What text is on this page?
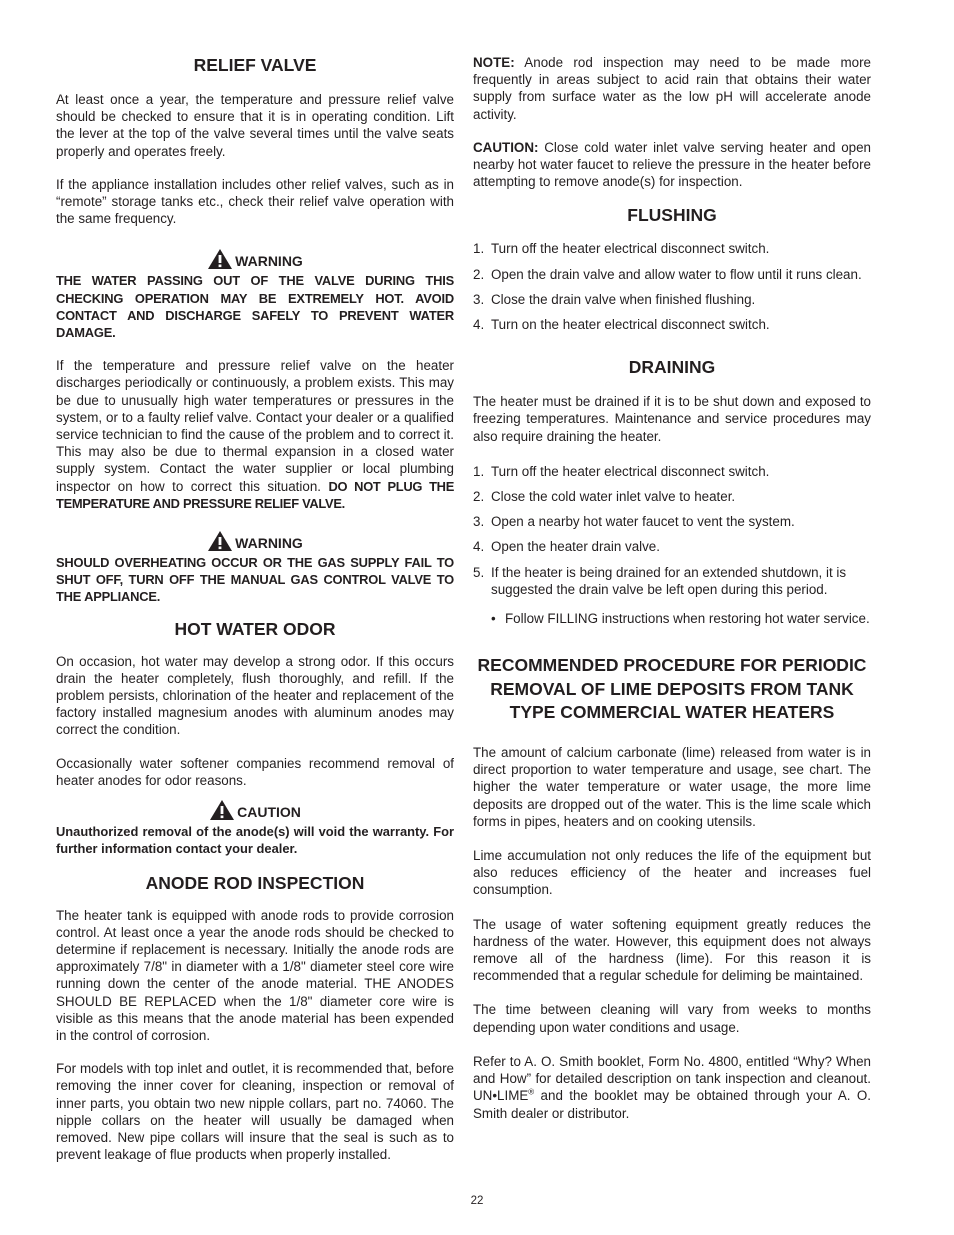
RELIEF VALVE

At least once a year, the temperature and pressure relief valve should be checked to ensure that it is in operating condition. Lift the lever at the top of the valve several times until the valve seats properly and operates freely.

If the appliance installation includes other relief valves, such as in “remote” storage tanks etc., check their relief valve operation with the same frequency.

WARNING

THE WATER PASSING OUT OF THE VALVE DURING THIS CHECKING OPERATION MAY BE EXTREMELY HOT. AVOID CONTACT AND DISCHARGE SAFELY TO PREVENT WATER DAMAGE.

If the temperature and pressure relief valve on the heater discharges periodically or continuously, a problem exists. This may be due to unusually high water temperatures or pressures in the system, or to a faulty relief valve. Contact your dealer or a qualified service technician to find the cause of the problem and to correct it. This may also be due to thermal expansion in a closed water supply system. Contact the water supplier or local plumbing inspector on how to correct this situation. DO NOT PLUG THE TEMPERATURE AND PRESSURE RELIEF VALVE.

WARNING

SHOULD OVERHEATING OCCUR OR THE GAS SUPPLY FAIL TO SHUT OFF, TURN OFF THE MANUAL GAS CONTROL VALVE TO THE APPLIANCE.

HOT WATER ODOR

On occasion, hot water may develop a strong odor. If this occurs drain the heater completely, flush thoroughly, and refill. If the problem persists, chlorination of the heater and replacement of the factory installed magnesium anodes with aluminum anodes may correct the condition.

Occasionally water softener companies recommend removal of heater anodes for odor reasons.

CAUTION

Unauthorized removal of the anode(s) will void the warranty. For further information contact your dealer.

ANODE ROD INSPECTION

The heater tank is equipped with anode rods to provide corrosion control. At least once a year the anode rods should be checked to determine if replacement is necessary. Initially the anode rods are approximately 7/8" in diameter with a 1/8" diameter steel core wire running down the center of the anode material. THE ANODES SHOULD BE REPLACED when the 1/8" diameter core wire is visible as this means that the anode material has been expended in the control of corrosion.

For models with top inlet and outlet, it is recommended that, before removing the inner cover for cleaning, inspection or removal of inner parts, you obtain two new nipple collars, part no. 74060. The nipple collars on the heater will usually be damaged when removed. New pipe collars will insure that the seal is such as to prevent leakage of flue products when properly installed.

NOTE: Anode rod inspection may need to be made more frequently in areas subject to acid rain that obtains their water supply from surface water as the low pH will accelerate anode activity.

CAUTION: Close cold water inlet valve serving heater and open nearby hot water faucet to relieve the pressure in the heater before attempting to remove anode(s) for inspection.

FLUSHING
1. Turn off the heater electrical disconnect switch.
2. Open the drain valve and allow water to flow until it runs clean.
3. Close the drain valve when finished flushing.
4. Turn on the heater electrical disconnect switch.
DRAINING

The heater must be drained if it is to be shut down and exposed to freezing temperatures. Maintenance and service procedures may also require draining the heater.

1. Turn off the heater electrical disconnect switch.
2. Close the cold water inlet valve to heater.
3. Open a nearby hot water faucet to vent the system.
4. Open the heater drain valve.
5. If the heater is being drained for an extended shutdown, it is suggested the drain valve be left open during this period.
• Follow FILLING instructions when restoring hot water service.
RECOMMENDED PROCEDURE FOR PERIODIC REMOVAL OF LIME DEPOSITS FROM TANK TYPE COMMERCIAL WATER HEATERS

The amount of calcium carbonate (lime) released from water is in direct proportion to water temperature and usage, see chart. The higher the water temperature or water usage, the more lime deposits are dropped out of the water. This is the lime scale which forms in pipes, heaters and on cooking utensils.

Lime accumulation not only reduces the life of the equipment but also reduces efficiency of the heater and increases fuel consumption.

The usage of water softening equipment greatly reduces the hardness of the water. However, this equipment does not always remove all of the hardness (lime). For this reason it is recommended that a regular schedule for deliming be maintained.

The time between cleaning will vary from weeks to months depending upon water conditions and usage.

Refer to A. O. Smith booklet, Form No. 4800, entitled “Why? When and How” for detailed description on tank inspection and cleanout. UN•LIME® and the booklet may be obtained through your A. O. Smith dealer or distributor.

22
